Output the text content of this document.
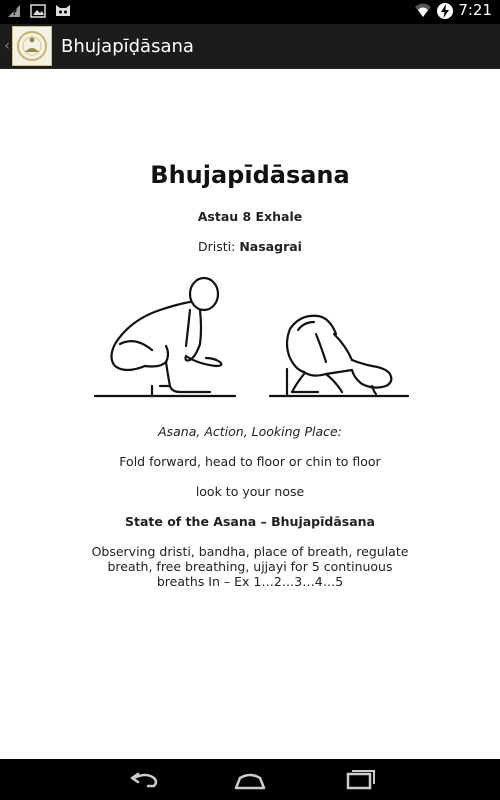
?	7:21
‹	Bhujapīḍāsana
Bhujapīdāsana
Astau 8 Exhale
Dristi: Nasagrai
Asana, Action, Looking Place:
Fold forward, head to floor or chin to floor
look to your nose
State of the Asana – Bhujapīdāsana
Observing dristi, bandha, place of breath, regulate breath, free breathing, ujjayi for 5 continuous breaths In – Ex 1…2…3…4…5
